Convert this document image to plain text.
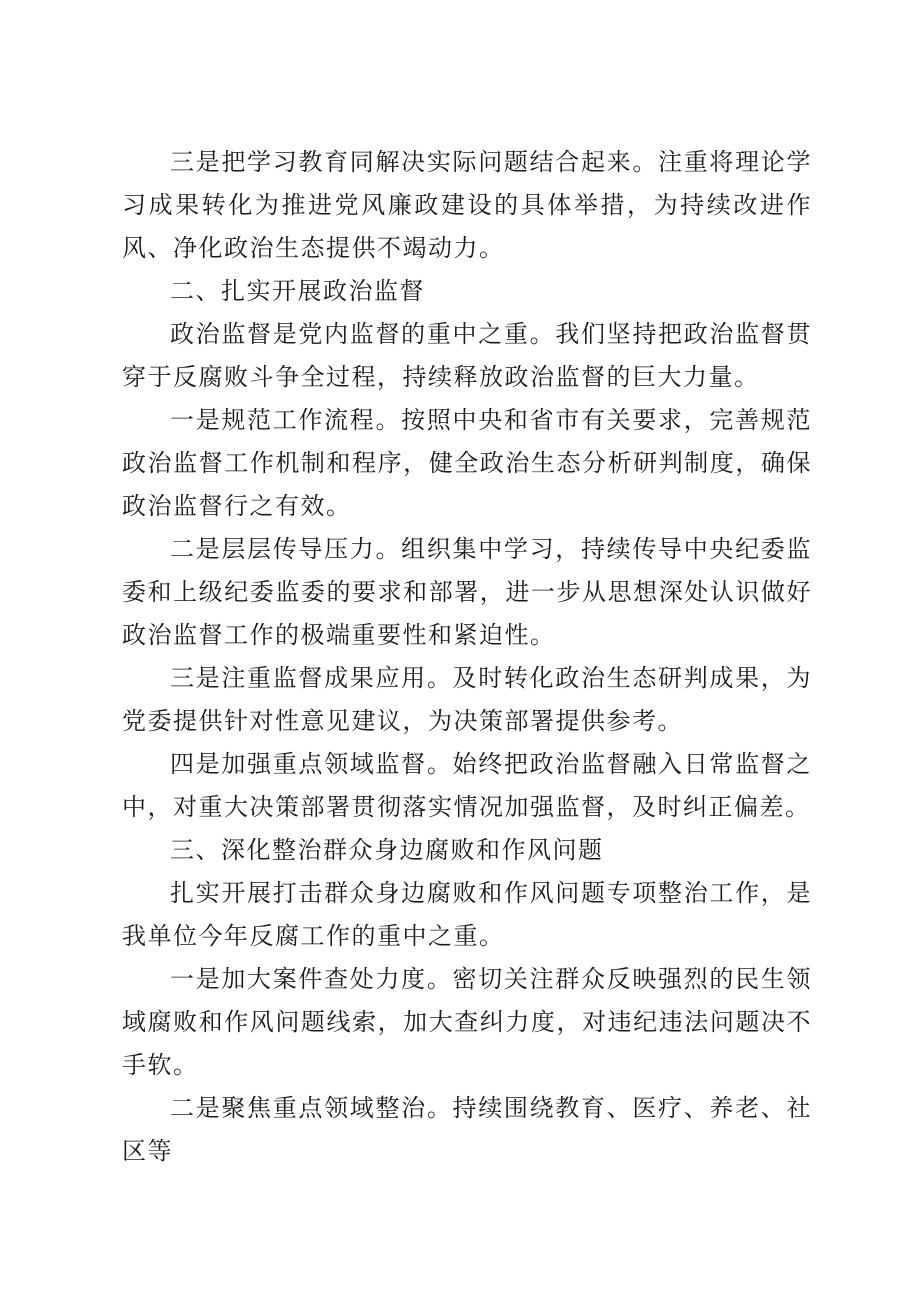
三是把学习教育同解决实际问题结合起来。注重将理论学习成果转化为推进党风廉政建设的具体举措，为持续改进作风、净化政治生态提供不竭动力。

二、扎实开展政治监督

政治监督是党内监督的重中之重。我们坚持把政治监督贯穿于反腐败斗争全过程，持续释放政治监督的巨大力量。

一是规范工作流程。按照中央和省市有关要求，完善规范政治监督工作机制和程序，健全政治生态分析研判制度，确保政治监督行之有效。

二是层层传导压力。组织集中学习，持续传导中央纪委监委和上级纪委监委的要求和部署，进一步从思想深处认识做好政治监督工作的极端重要性和紧迫性。

三是注重监督成果应用。及时转化政治生态研判成果，为党委提供针对性意见建议，为决策部署提供参考。

四是加强重点领域监督。始终把政治监督融入日常监督之中，对重大决策部署贯彻落实情况加强监督，及时纠正偏差。

三、深化整治群众身边腐败和作风问题

扎实开展打击群众身边腐败和作风问题专项整治工作，是我单位今年反腐工作的重中之重。

一是加大案件查处力度。密切关注群众反映强烈的民生领域腐败和作风问题线索，加大查纠力度，对违纪违法问题决不手软。

二是聚焦重点领域整治。持续围绕教育、医疗、养老、社区等
